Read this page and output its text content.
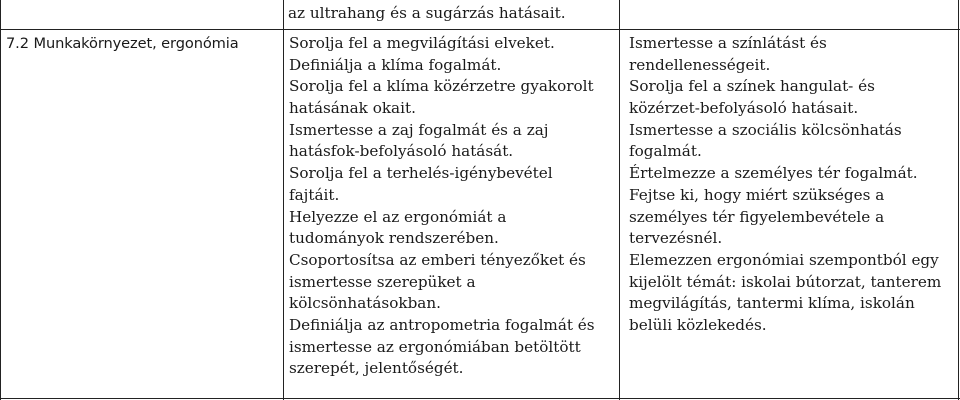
az ultrahang és a sugárzás hatásait.
7.2 Munkakörnyezet, ergonómia	Sorolja fel a megvilágítási elveket.
Definiálja a klíma fogalmát.
Sorolja fel a klíma közérzetre gyakorolt
hatásának okait.
Ismertesse a zaj fogalmát és a zaj
hatásfok-befolyásoló hatását.
Sorolja fel a terhelés-igénybevétel
fajtáit.
Helyezze el az ergonómiát a
tudományok rendszerében.
Csoportosítsa az emberi tényezőket és
ismertesse szerepüket a
kölcsönhatásokban.
Definiálja az antropometria fogalmát és
ismertesse az ergonómiában betöltött
szerepét, jelentőségét.
Ismertesse a színlátást és
rendellenességeit.
Sorolja fel a színek hangulat- és
közérzet-befolyásoló hatásait.
Ismertesse a szociális kölcsönhatás
fogalmát.
Értelmezze a személyes tér fogalmát.
Fejtse ki, hogy miért szükséges a
személyes tér figyelembevétele a
tervezésnél.
Elemezzen ergonómiai szempontból egy
kijelölt témát: iskolai bútorzat, tanterem
megvilágítás, tantermi klíma, iskolán
belüli közlekedés.
